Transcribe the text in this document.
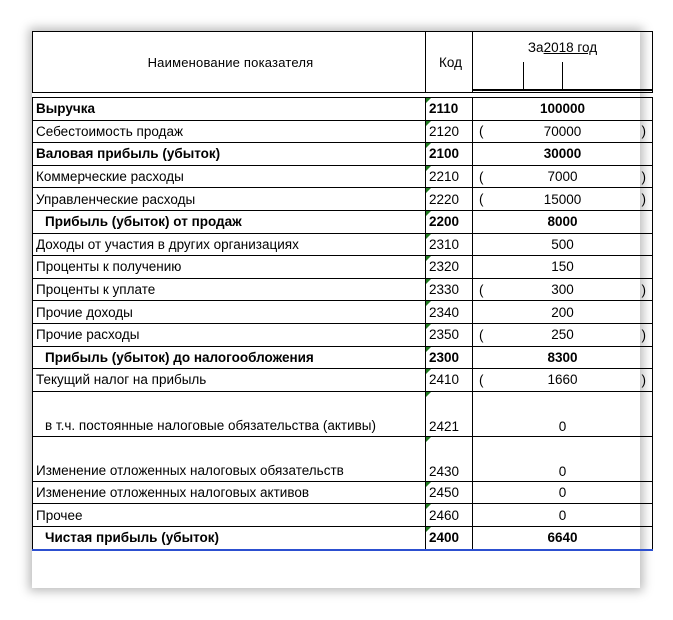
Наименование показателя	Код	За2018 год

Выручка	2110	100000

Себестоимость продаж	2120	( 70000 )

Валовая прибыль (убыток)	2100	30000

Коммерческие расходы	2210	( 7000 )

Управленческие расходы	2220	( 15000 )

Прибыль (убыток) от продаж	2200	8000

Доходы от участия в других организациях	2310	500

Проценты к получению	2320	150

Проценты к уплате	2330	( 300 )

Прочие доходы	2340	200

Прочие расходы	2350	( 250 )

Прибыль (убыток) до налогообложения	2300	8300

Текущий налог на прибыль	2410	( 1660 )

в т.ч. постоянные налоговые обязательства (активы)	2421	0

Изменение отложенных налоговых обязательств	2430	0

Изменение отложенных налоговых активов	2450	0

Прочее	2460	0

Чистая прибыль (убыток)	2400	6640
